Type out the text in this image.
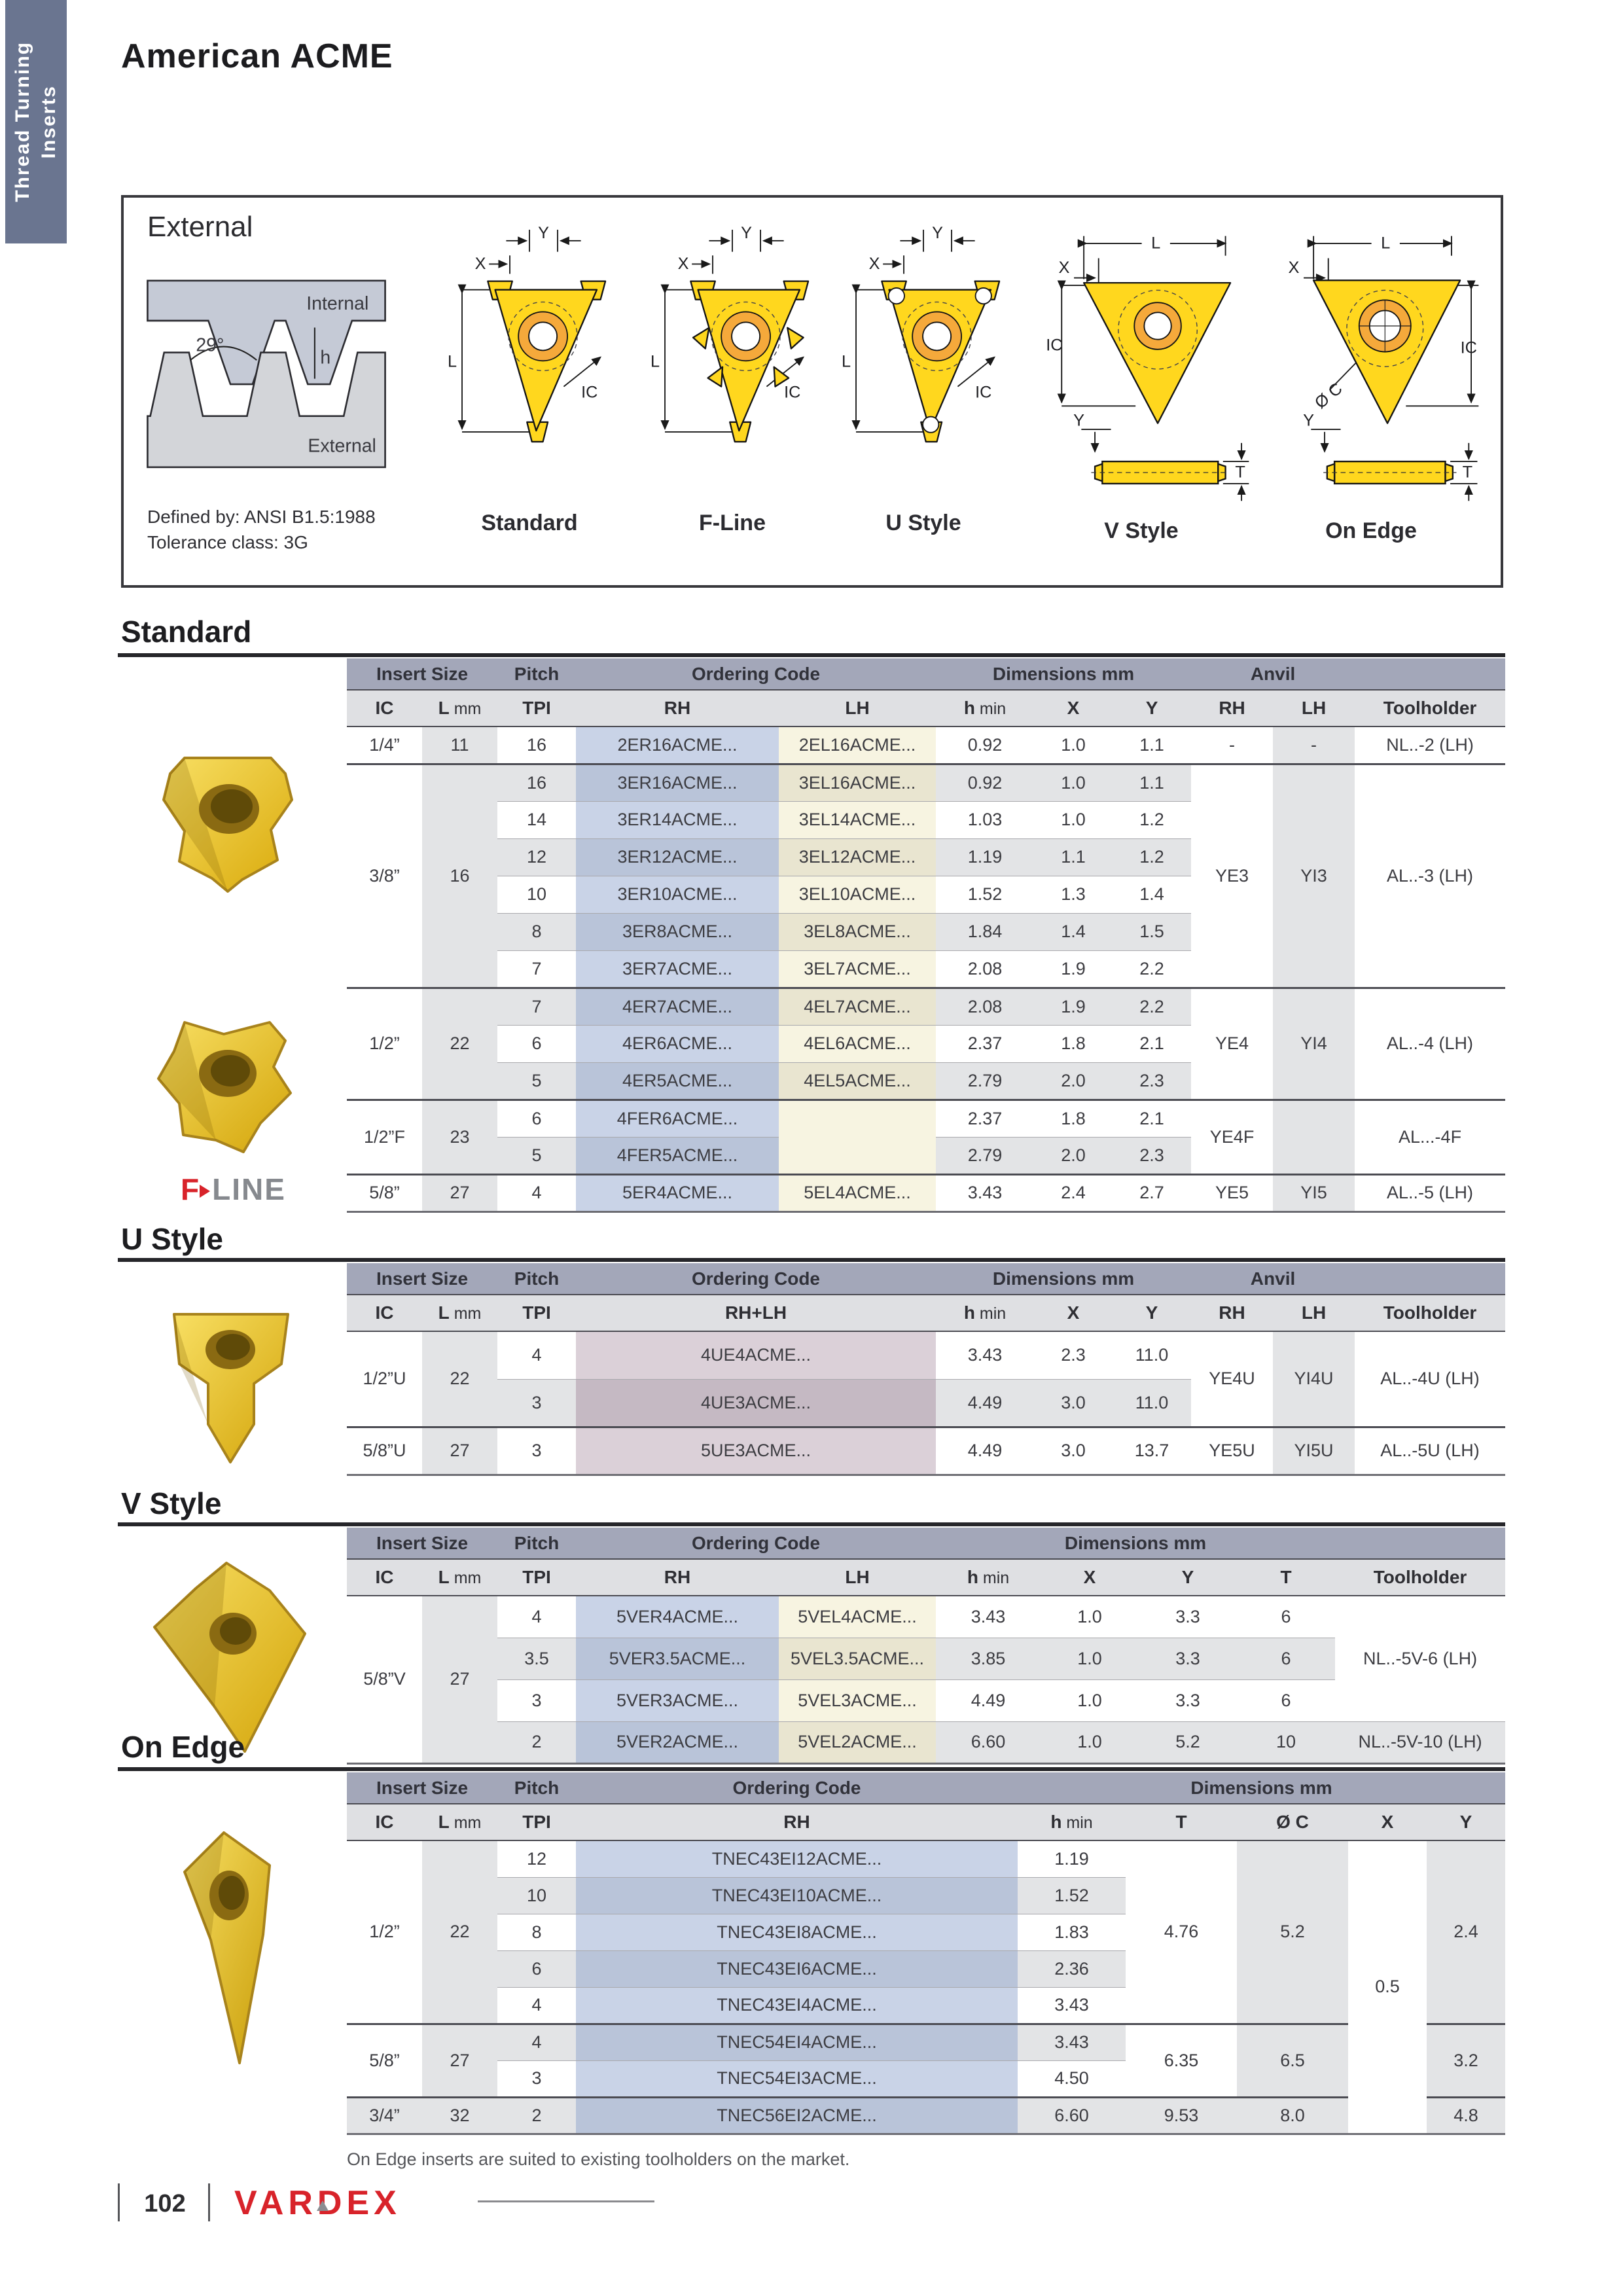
Thread Turning Inserts
American ACME
External
29°
Internal
h
External
Defined by: ANSI B1.5:1988
Tolerance class: 3G
Y
X
L
IC
Standard
Y
X
L
IC
F-Line
Y
X
L
IC
U Style
L
X
IC
Y
T
V Style
L
X
IC
Y
T
Ø C
On Edge
Standard
Insert Size		Pitch	Ordering Code		Dimensions mm			Anvil		
IC	L mm	TPI	RH	LH	h min	X	Y	RH	LH	Toolholder
1/4”	11	16	2ER16ACME...	2EL16ACME...	0.92	1.0	1.1	-	-	NL..-2 (LH)
3/8”	16	16	3ER16ACME...	3EL16ACME...	0.92	1.0	1.1	YE3	YI3	AL..-3 (LH)
		14	3ER14ACME...	3EL14ACME...	1.03	1.0	1.2			
		12	3ER12ACME...	3EL12ACME...	1.19	1.1	1.2			
		10	3ER10ACME...	3EL10ACME...	1.52	1.3	1.4			
		8	3ER8ACME...	3EL8ACME...	1.84	1.4	1.5			
		7	3ER7ACME...	3EL7ACME...	2.08	1.9	2.2			
1/2”	22	7	4ER7ACME...	4EL7ACME...	2.08	1.9	2.2	YE4	YI4	AL..-4 (LH)
		6	4ER6ACME...	4EL6ACME...	2.37	1.8	2.1			
		5	4ER5ACME...	4EL5ACME...	2.79	2.0	2.3			
1/2”F	23	6	4FER6ACME...		2.37	1.8	2.1	YE4F		AL...-4F
		5	4FER5ACME...		2.79	2.0	2.3			
5/8”	27	4	5ER4ACME...	5EL4ACME...	3.43	2.4	2.7	YE5	YI5	AL..-5 (LH)
F LINE
U Style
Insert Size		Pitch	Ordering Code	Dimensions mm			Anvil		
IC	L mm	TPI	RH+LH	h min	X	Y	RH	LH	Toolholder
1/2”U	22	4	4UE4ACME...	3.43	2.3	11.0	YE4U	YI4U	AL..-4U (LH)
		3	4UE3ACME...	4.49	3.0	11.0			
5/8”U	27	3	5UE3ACME...	4.49	3.0	13.7	YE5U	YI5U	AL..-5U (LH)
V Style
Insert Size		Pitch	Ordering Code		Dimensions mm				
IC	L mm	TPI	RH	LH	h min	X	Y	T	Toolholder
5/8”V	27	4	5VER4ACME...	5VEL4ACME...	3.43	1.0	3.3	6	NL..-5V-6 (LH)
		3.5	5VER3.5ACME...	5VEL3.5ACME...	3.85	1.0	3.3	6	
		3	5VER3ACME...	5VEL3ACME...	4.49	1.0	3.3	6	
		2	5VER2ACME...	5VEL2ACME...	6.60	1.0	5.2	10	NL..-5V-10 (LH)
On Edge
Insert Size		Pitch	Ordering Code	Dimensions mm				
IC	L mm	TPI	RH	h min	T	Ø C	X	Y
1/2”	22	12	TNEC43EI12ACME...	1.19	4.76	5.2	0.5	2.4
		10	TNEC43EI10ACME...	1.52				
		8	TNEC43EI8ACME...	1.83				
		6	TNEC43EI6ACME...	2.36				
		4	TNEC43EI4ACME...	3.43				
5/8”	27	4	TNEC54EI4ACME...	3.43	6.35	6.5		3.2
		3	TNEC54EI3ACME...	4.50				
3/4”	32	2	TNEC56EI2ACME...	6.60	9.53	8.0		4.8
On Edge inserts are suited to existing toolholders on the market.
102	VARDEX
